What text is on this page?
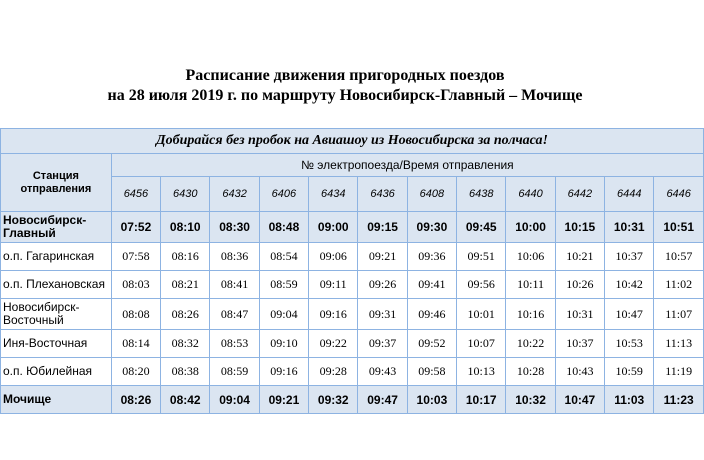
Расписание движения пригородных поездов
на 28 июля 2019 г. по маршруту Новосибирск-Главный – Мочище
Добирайся без пробок на Авиашоу из Новосибирска за полчаса!												
Станция отправления	№ электропоезда/Время отправления											
	6456	6430	6432	6406	6434	6436	6408	6438	6440	6442	6444	6446
Новосибирск-Главный	07:52	08:10	08:30	08:48	09:00	09:15	09:30	09:45	10:00	10:15	10:31	10:51
о.п. Гагаринская	07:58	08:16	08:36	08:54	09:06	09:21	09:36	09:51	10:06	10:21	10:37	10:57
о.п. Плехановская	08:03	08:21	08:41	08:59	09:11	09:26	09:41	09:56	10:11	10:26	10:42	11:02
Новосибирск-Восточный	08:08	08:26	08:47	09:04	09:16	09:31	09:46	10:01	10:16	10:31	10:47	11:07
Иня-Восточная	08:14	08:32	08:53	09:10	09:22	09:37	09:52	10:07	10:22	10:37	10:53	11:13
о.п. Юбилейная	08:20	08:38	08:59	09:16	09:28	09:43	09:58	10:13	10:28	10:43	10:59	11:19
Мочище	08:26	08:42	09:04	09:21	09:32	09:47	10:03	10:17	10:32	10:47	11:03	11:23
